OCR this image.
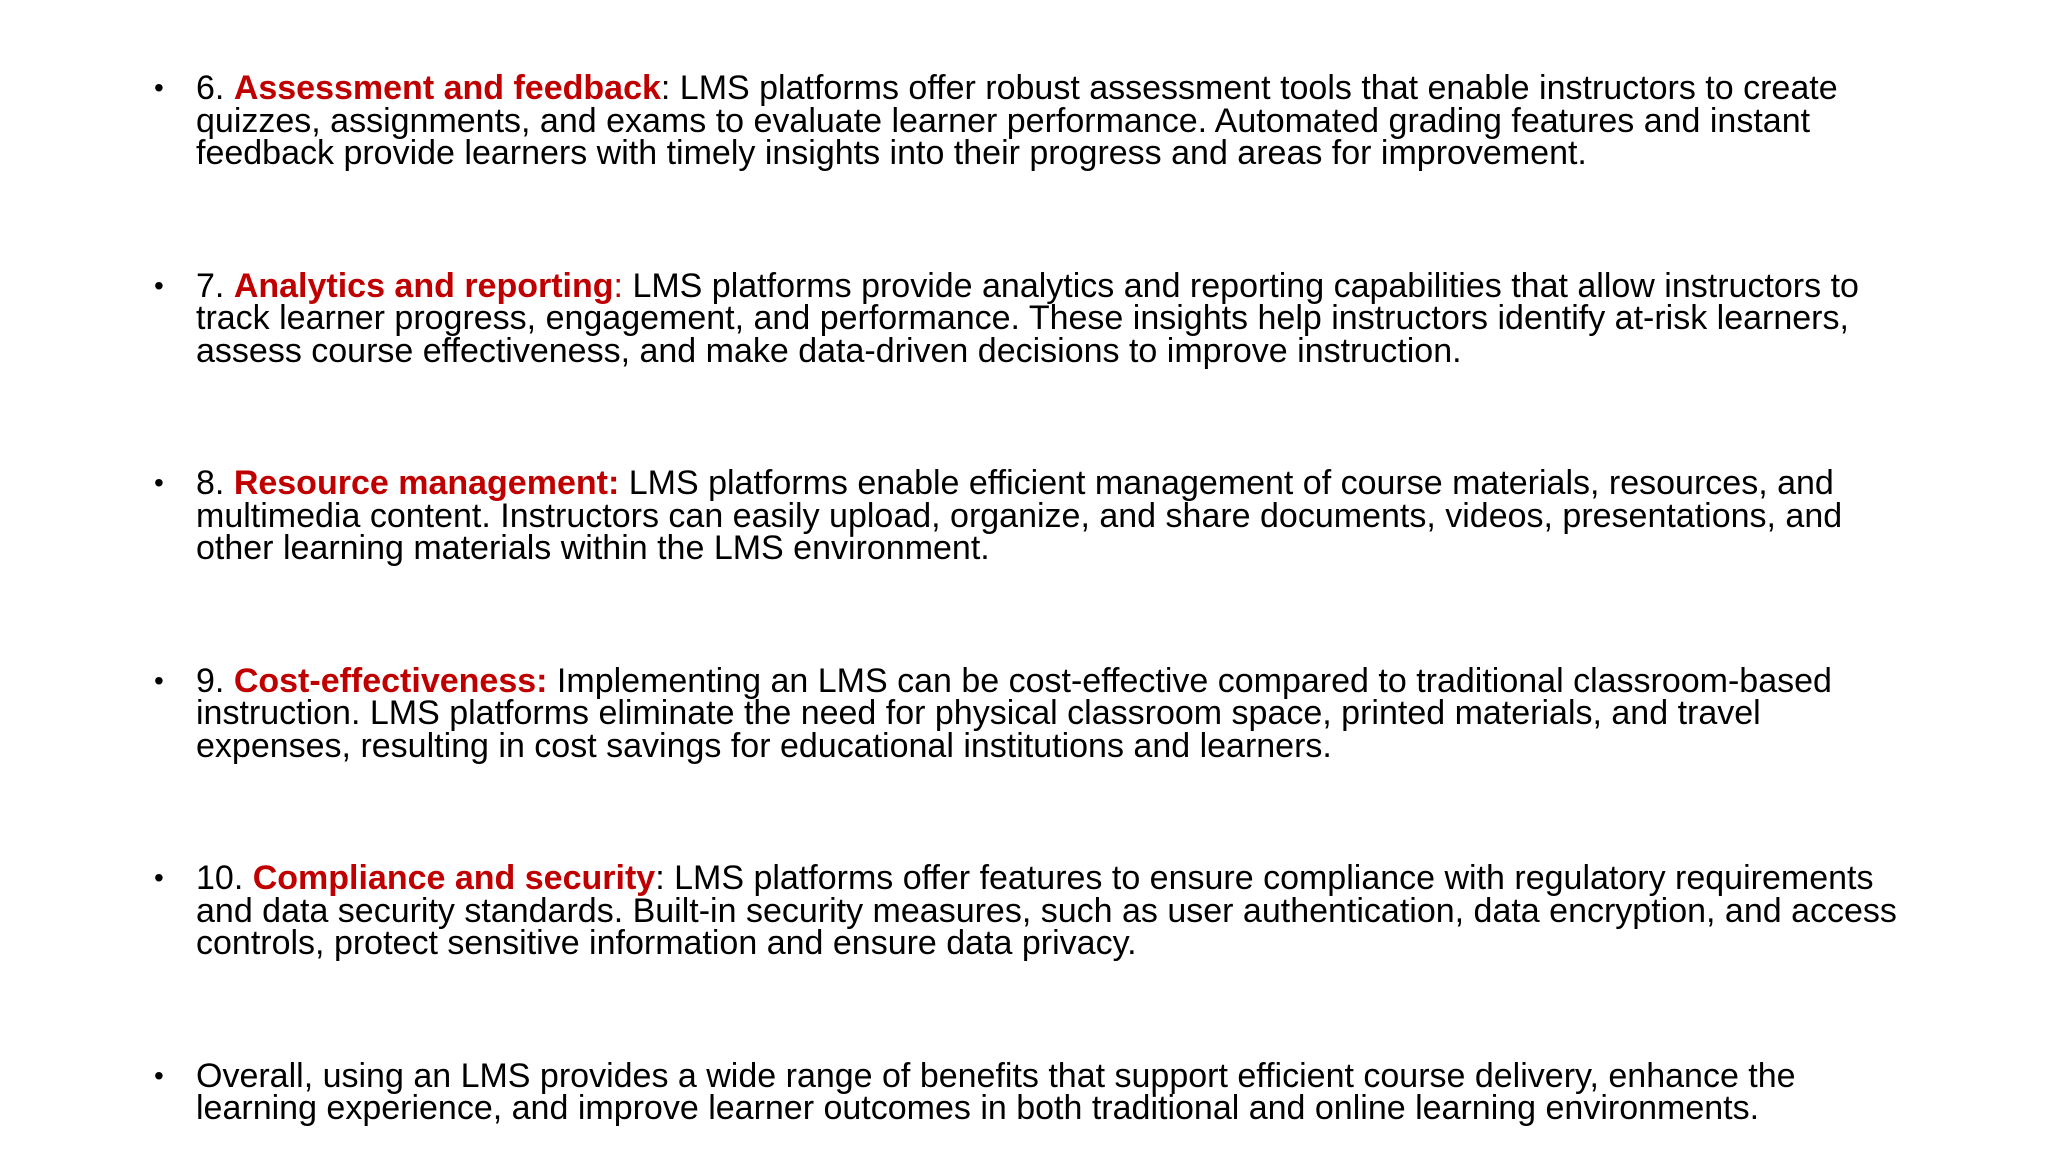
• 6. Assessment and feedback: LMS platforms offer robust assessment tools that enable instructors to create quizzes, assignments, and exams to evaluate learner performance. Automated grading features and instant feedback provide learners with timely insights into their progress and areas for improvement.
• 7. Analytics and reporting: LMS platforms provide analytics and reporting capabilities that allow instructors to track learner progress, engagement, and performance. These insights help instructors identify at-risk learners, assess course effectiveness, and make data-driven decisions to improve instruction.
• 8. Resource management: LMS platforms enable efficient management of course materials, resources, and multimedia content. Instructors can easily upload, organize, and share documents, videos, presentations, and other learning materials within the LMS environment.
• 9. Cost-effectiveness: Implementing an LMS can be cost-effective compared to traditional classroom-based instruction. LMS platforms eliminate the need for physical classroom space, printed materials, and travel expenses, resulting in cost savings for educational institutions and learners.
• 10. Compliance and security: LMS platforms offer features to ensure compliance with regulatory requirements and data security standards. Built-in security measures, such as user authentication, data encryption, and access controls, protect sensitive information and ensure data privacy.
• Overall, using an LMS provides a wide range of benefits that support efficient course delivery, enhance the learning experience, and improve learner outcomes in both traditional and online learning environments.
